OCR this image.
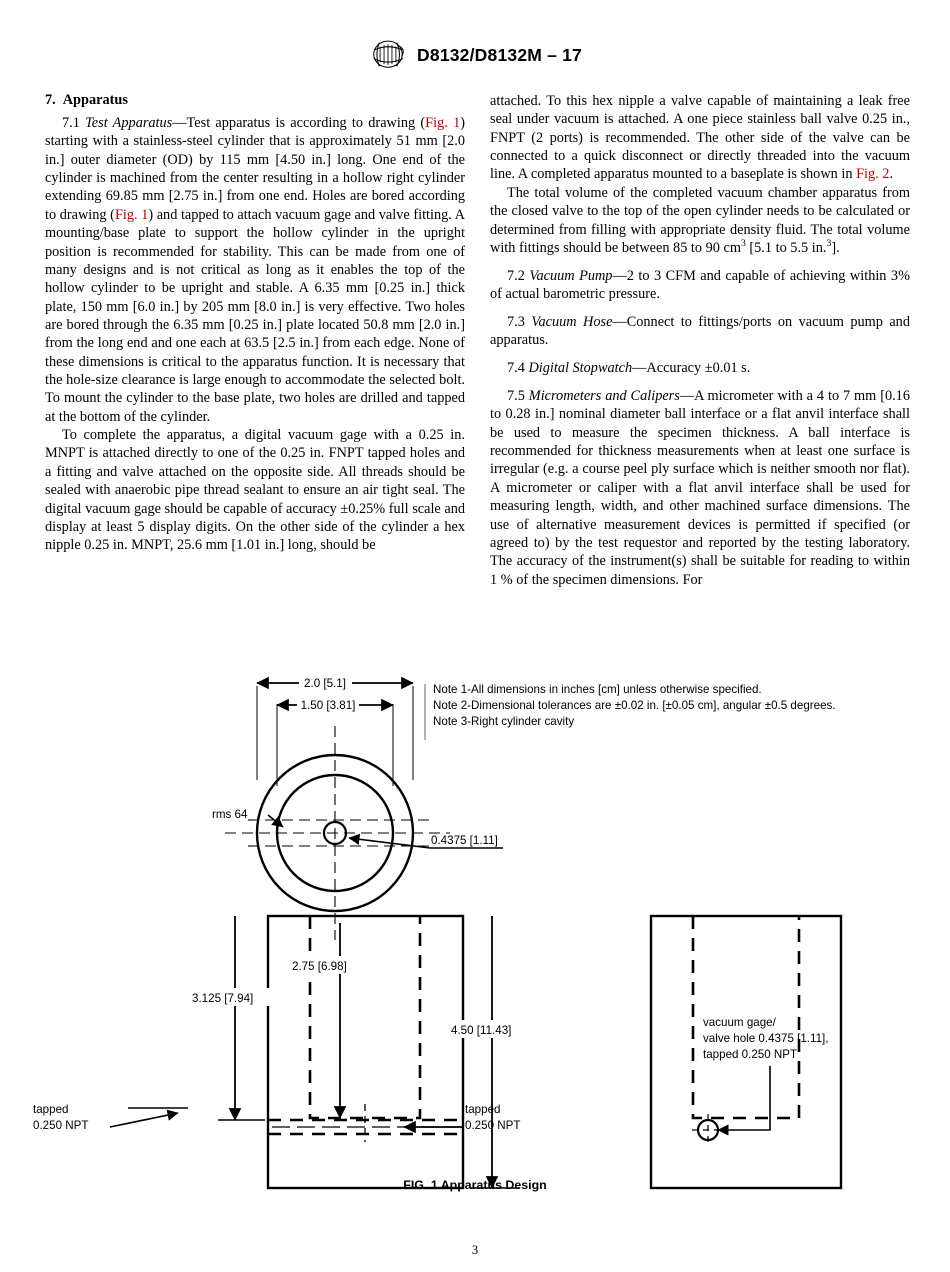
D8132/D8132M – 17
7. Apparatus

7.1 Test Apparatus—Test apparatus is according to drawing (Fig. 1) starting with a stainless-steel cylinder that is approximately 51 mm [2.0 in.] outer diameter (OD) by 115 mm [4.50 in.] long. One end of the cylinder is machined from the center resulting in a hollow right cylinder extending 69.85 mm [2.75 in.] from one end. Holes are bored according to drawing (Fig. 1) and tapped to attach vacuum gage and valve fitting. A mounting/base plate to support the hollow cylinder in the upright position is recommended for stability. This can be made from one of many designs and is not critical as long as it enables the top of the hollow cylinder to be upright and stable. A 6.35 mm [0.25 in.] thick plate, 150 mm [6.0 in.] by 205 mm [8.0 in.] is very effective. Two holes are bored through the 6.35 mm [0.25 in.] plate located 50.8 mm [2.0 in.] from the long end and one each at 63.5 [2.5 in.] from each edge. None of these dimensions is critical to the apparatus function. It is necessary that the hole-size clearance is large enough to accommodate the selected bolt. To mount the cylinder to the base plate, two holes are drilled and tapped at the bottom of the cylinder.

To complete the apparatus, a digital vacuum gage with a 0.25 in. MNPT is attached directly to one of the 0.25 in. FNPT tapped holes and a fitting and valve attached on the opposite side. All threads should be sealed with anaerobic pipe thread sealant to ensure an air tight seal. The digital vacuum gage should be capable of accuracy ±0.25% full scale and display at least 5 display digits. On the other side of the cylinder a hex nipple 0.25 in. MNPT, 25.6 mm [1.01 in.] long, should be

attached. To this hex nipple a valve capable of maintaining a leak free seal under vacuum is attached. A one piece stainless ball valve 0.25 in., FNPT (2 ports) is recommended. The other side of the valve can be connected to a quick disconnect or directly threaded into the vacuum line. A completed apparatus mounted to a baseplate is shown in Fig. 2.

The total volume of the completed vacuum chamber apparatus from the closed valve to the top of the open cylinder needs to be calculated or determined from filling with appropriate density fluid. The total volume with fittings should be between 85 to 90 $cm^3$ [5.1 to 5.5 in.$^3$].

7.2 Vacuum Pump—2 to 3 CFM and capable of achieving within 3% of actual barometric pressure.

7.3 Vacuum Hose—Connect to fittings/ports on vacuum pump and apparatus.

7.4 Digital Stopwatch—Accuracy ±0.01 s.

7.5 Micrometers and Calipers—A micrometer with a 4 to 7 mm [0.16 to 0.28 in.] nominal diameter ball interface or a flat anvil interface shall be used to measure the specimen thickness. A ball interface is recommended for thickness measurements when at least one surface is irregular (e.g. a course peel ply surface which is neither smooth nor flat). A micrometer or caliper with a flat anvil interface shall be used for measuring length, width, and other machined surface dimensions. The use of alternative measurement devices is permitted if specified (or agreed to) by the test requestor and reported by the testing laboratory. The accuracy of the instrument(s) shall be suitable for reading to within 1 % of the specimen dimensions. For

2.0 [5.1]
1.50 [3.81]
Note 1-All dimensions in inches [cm] unless otherwise specified.
Note 2-Dimensional tolerances are ±0.02 in. [±0.05 cm], angular ±0.5 degrees.
Note 3-Right cylinder cavity
rms 64
0.4375 [1.11]
3.125 [7.94]
2.75 [6.98]
4.50 [11.43]
tapped
0.250 NPT
tapped
0.250 NPT
vacuum gage/
valve hole 0.4375 [1.11],
tapped 0.250 NPT
FIG. 1 Apparatus Design
3
